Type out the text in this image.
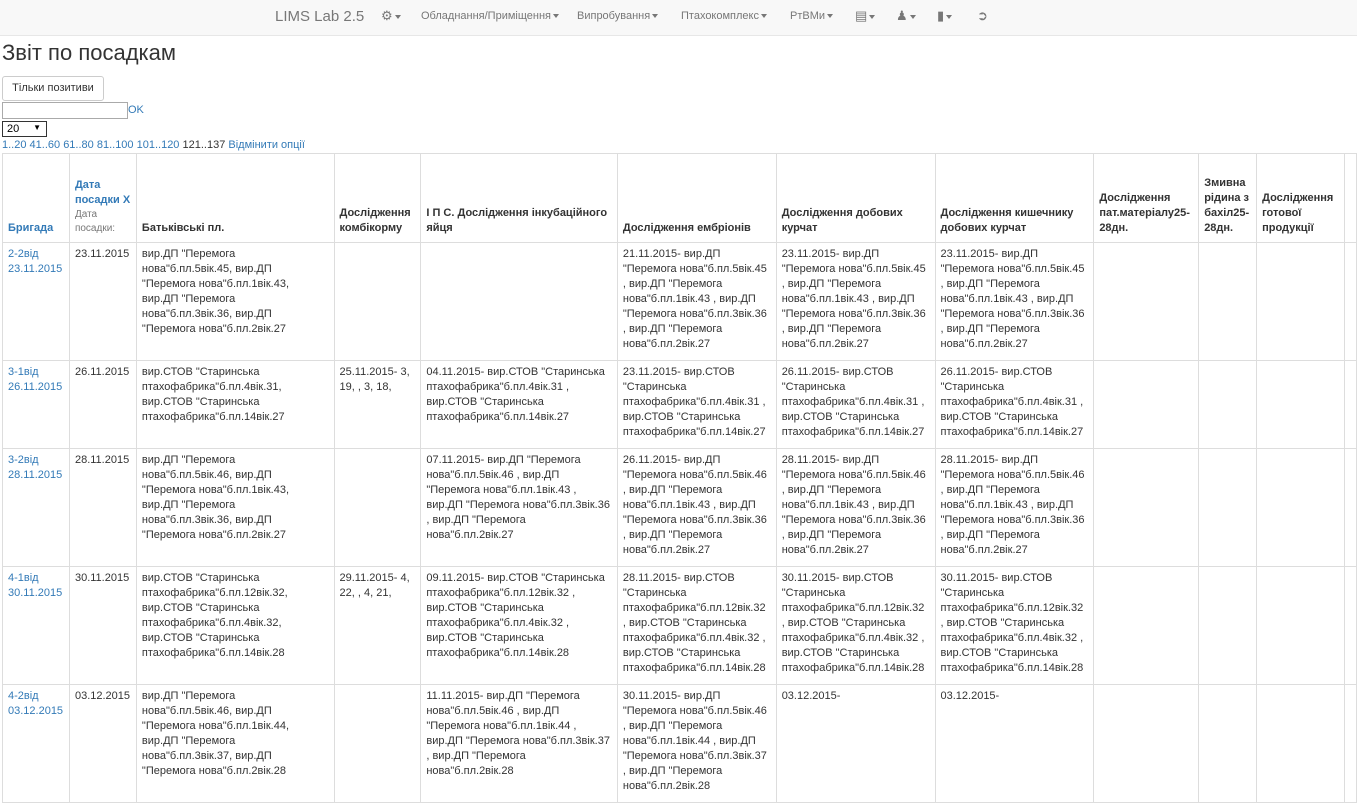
LIMS Lab 2.5 ⚙	Обладнання/Приміщення	Випробування	Птахокомплекс	РтВМи	▤	♟	▮	➲
Звіт по посадкам
Тільки позитиви
OK
20 ▼
1..20 41..60 61..80 81..100 101..120 121..137 Відмінити опції
Бригада	Дата посадки X
Дата посадки:	Батьківські пл.	Дослідження комбікорму	І П С. Дослідження інкубаційного яйця	Дослідження ембріонів	Дослідження добових курчат	Дослідження кишечнику добових курчат	Дослідження пат.матеріалу25-28дн.	Змивна рідина з бахіл25-28дн.	Дослідження готової продукції	
2-2від 23.11.2015	23.11.2015	вир.ДП "Перемога нова"б.пл.5вік.45, вир.ДП "Перемога нова"б.пл.1вік.43, вир.ДП "Перемога нова"б.пл.3вік.36, вир.ДП "Перемога нова"б.пл.2вік.27			21.11.2015- вир.ДП "Перемога нова"б.пл.5вік.45 , вир.ДП "Перемога нова"б.пл.1вік.43 , вир.ДП "Перемога нова"б.пл.3вік.36 , вир.ДП "Перемога нова"б.пл.2вік.27	23.11.2015- вир.ДП "Перемога нова"б.пл.5вік.45 , вир.ДП "Перемога нова"б.пл.1вік.43 , вир.ДП "Перемога нова"б.пл.3вік.36 , вир.ДП "Перемога нова"б.пл.2вік.27	23.11.2015- вир.ДП "Перемога нова"б.пл.5вік.45 , вир.ДП "Перемога нова"б.пл.1вік.43 , вир.ДП "Перемога нова"б.пл.3вік.36 , вир.ДП "Перемога нова"б.пл.2вік.27				
3-1від 26.11.2015	26.11.2015	вир.СТОВ "Старинська птахофабрика"б.пл.4вік.31, вир.СТОВ "Старинська птахофабрика"б.пл.14вік.27	25.11.2015- 3, 19, , 3, 18,	04.11.2015- вир.СТОВ "Старинська птахофабрика"б.пл.4вік.31 , вир.СТОВ "Старинська птахофабрика"б.пл.14вік.27	23.11.2015- вир.СТОВ "Старинська птахофабрика"б.пл.4вік.31 , вир.СТОВ "Старинська птахофабрика"б.пл.14вік.27	26.11.2015- вир.СТОВ "Старинська птахофабрика"б.пл.4вік.31 , вир.СТОВ "Старинська птахофабрика"б.пл.14вік.27	26.11.2015- вир.СТОВ "Старинська птахофабрика"б.пл.4вік.31 , вир.СТОВ "Старинська птахофабрика"б.пл.14вік.27				
3-2від 28.11.2015	28.11.2015	вир.ДП "Перемога нова"б.пл.5вік.46, вир.ДП "Перемога нова"б.пл.1вік.43, вир.ДП "Перемога нова"б.пл.3вік.36, вир.ДП "Перемога нова"б.пл.2вік.27		07.11.2015- вир.ДП "Перемога нова"б.пл.5вік.46 , вир.ДП "Перемога нова"б.пл.1вік.43 , вир.ДП "Перемога нова"б.пл.3вік.36 , вир.ДП "Перемога нова"б.пл.2вік.27	26.11.2015- вир.ДП "Перемога нова"б.пл.5вік.46 , вир.ДП "Перемога нова"б.пл.1вік.43 , вир.ДП "Перемога нова"б.пл.3вік.36 , вир.ДП "Перемога нова"б.пл.2вік.27	28.11.2015- вир.ДП "Перемога нова"б.пл.5вік.46 , вир.ДП "Перемога нова"б.пл.1вік.43 , вир.ДП "Перемога нова"б.пл.3вік.36 , вир.ДП "Перемога нова"б.пл.2вік.27	28.11.2015- вир.ДП "Перемога нова"б.пл.5вік.46 , вир.ДП "Перемога нова"б.пл.1вік.43 , вир.ДП "Перемога нова"б.пл.3вік.36 , вир.ДП "Перемога нова"б.пл.2вік.27				
4-1від 30.11.2015	30.11.2015	вир.СТОВ "Старинська птахофабрика"б.пл.12вік.32, вир.СТОВ "Старинська птахофабрика"б.пл.4вік.32, вир.СТОВ "Старинська птахофабрика"б.пл.14вік.28	29.11.2015- 4, 22, , 4, 21,	09.11.2015- вир.СТОВ "Старинська птахофабрика"б.пл.12вік.32 , вир.СТОВ "Старинська птахофабрика"б.пл.4вік.32 , вир.СТОВ "Старинська птахофабрика"б.пл.14вік.28	28.11.2015- вир.СТОВ "Старинська птахофабрика"б.пл.12вік.32 , вир.СТОВ "Старинська птахофабрика"б.пл.4вік.32 , вир.СТОВ "Старинська птахофабрика"б.пл.14вік.28	30.11.2015- вир.СТОВ "Старинська птахофабрика"б.пл.12вік.32 , вир.СТОВ "Старинська птахофабрика"б.пл.4вік.32 , вир.СТОВ "Старинська птахофабрика"б.пл.14вік.28	30.11.2015- вир.СТОВ "Старинська птахофабрика"б.пл.12вік.32 , вир.СТОВ "Старинська птахофабрика"б.пл.4вік.32 , вир.СТОВ "Старинська птахофабрика"б.пл.14вік.28				
4-2від 03.12.2015	03.12.2015	вир.ДП "Перемога нова"б.пл.5вік.46, вир.ДП "Перемога нова"б.пл.1вік.44, вир.ДП "Перемога нова"б.пл.3вік.37, вир.ДП "Перемога нова"б.пл.2вік.28		11.11.2015- вир.ДП "Перемога нова"б.пл.5вік.46 , вир.ДП "Перемога нова"б.пл.1вік.44 , вир.ДП "Перемога нова"б.пл.3вік.37 , вир.ДП "Перемога нова"б.пл.2вік.28	30.11.2015- вир.ДП "Перемога нова"б.пл.5вік.46 , вир.ДП "Перемога нова"б.пл.1вік.44 , вир.ДП "Перемога нова"б.пл.3вік.37 , вир.ДП "Перемога нова"б.пл.2вік.28	03.12.2015-	03.12.2015-				
